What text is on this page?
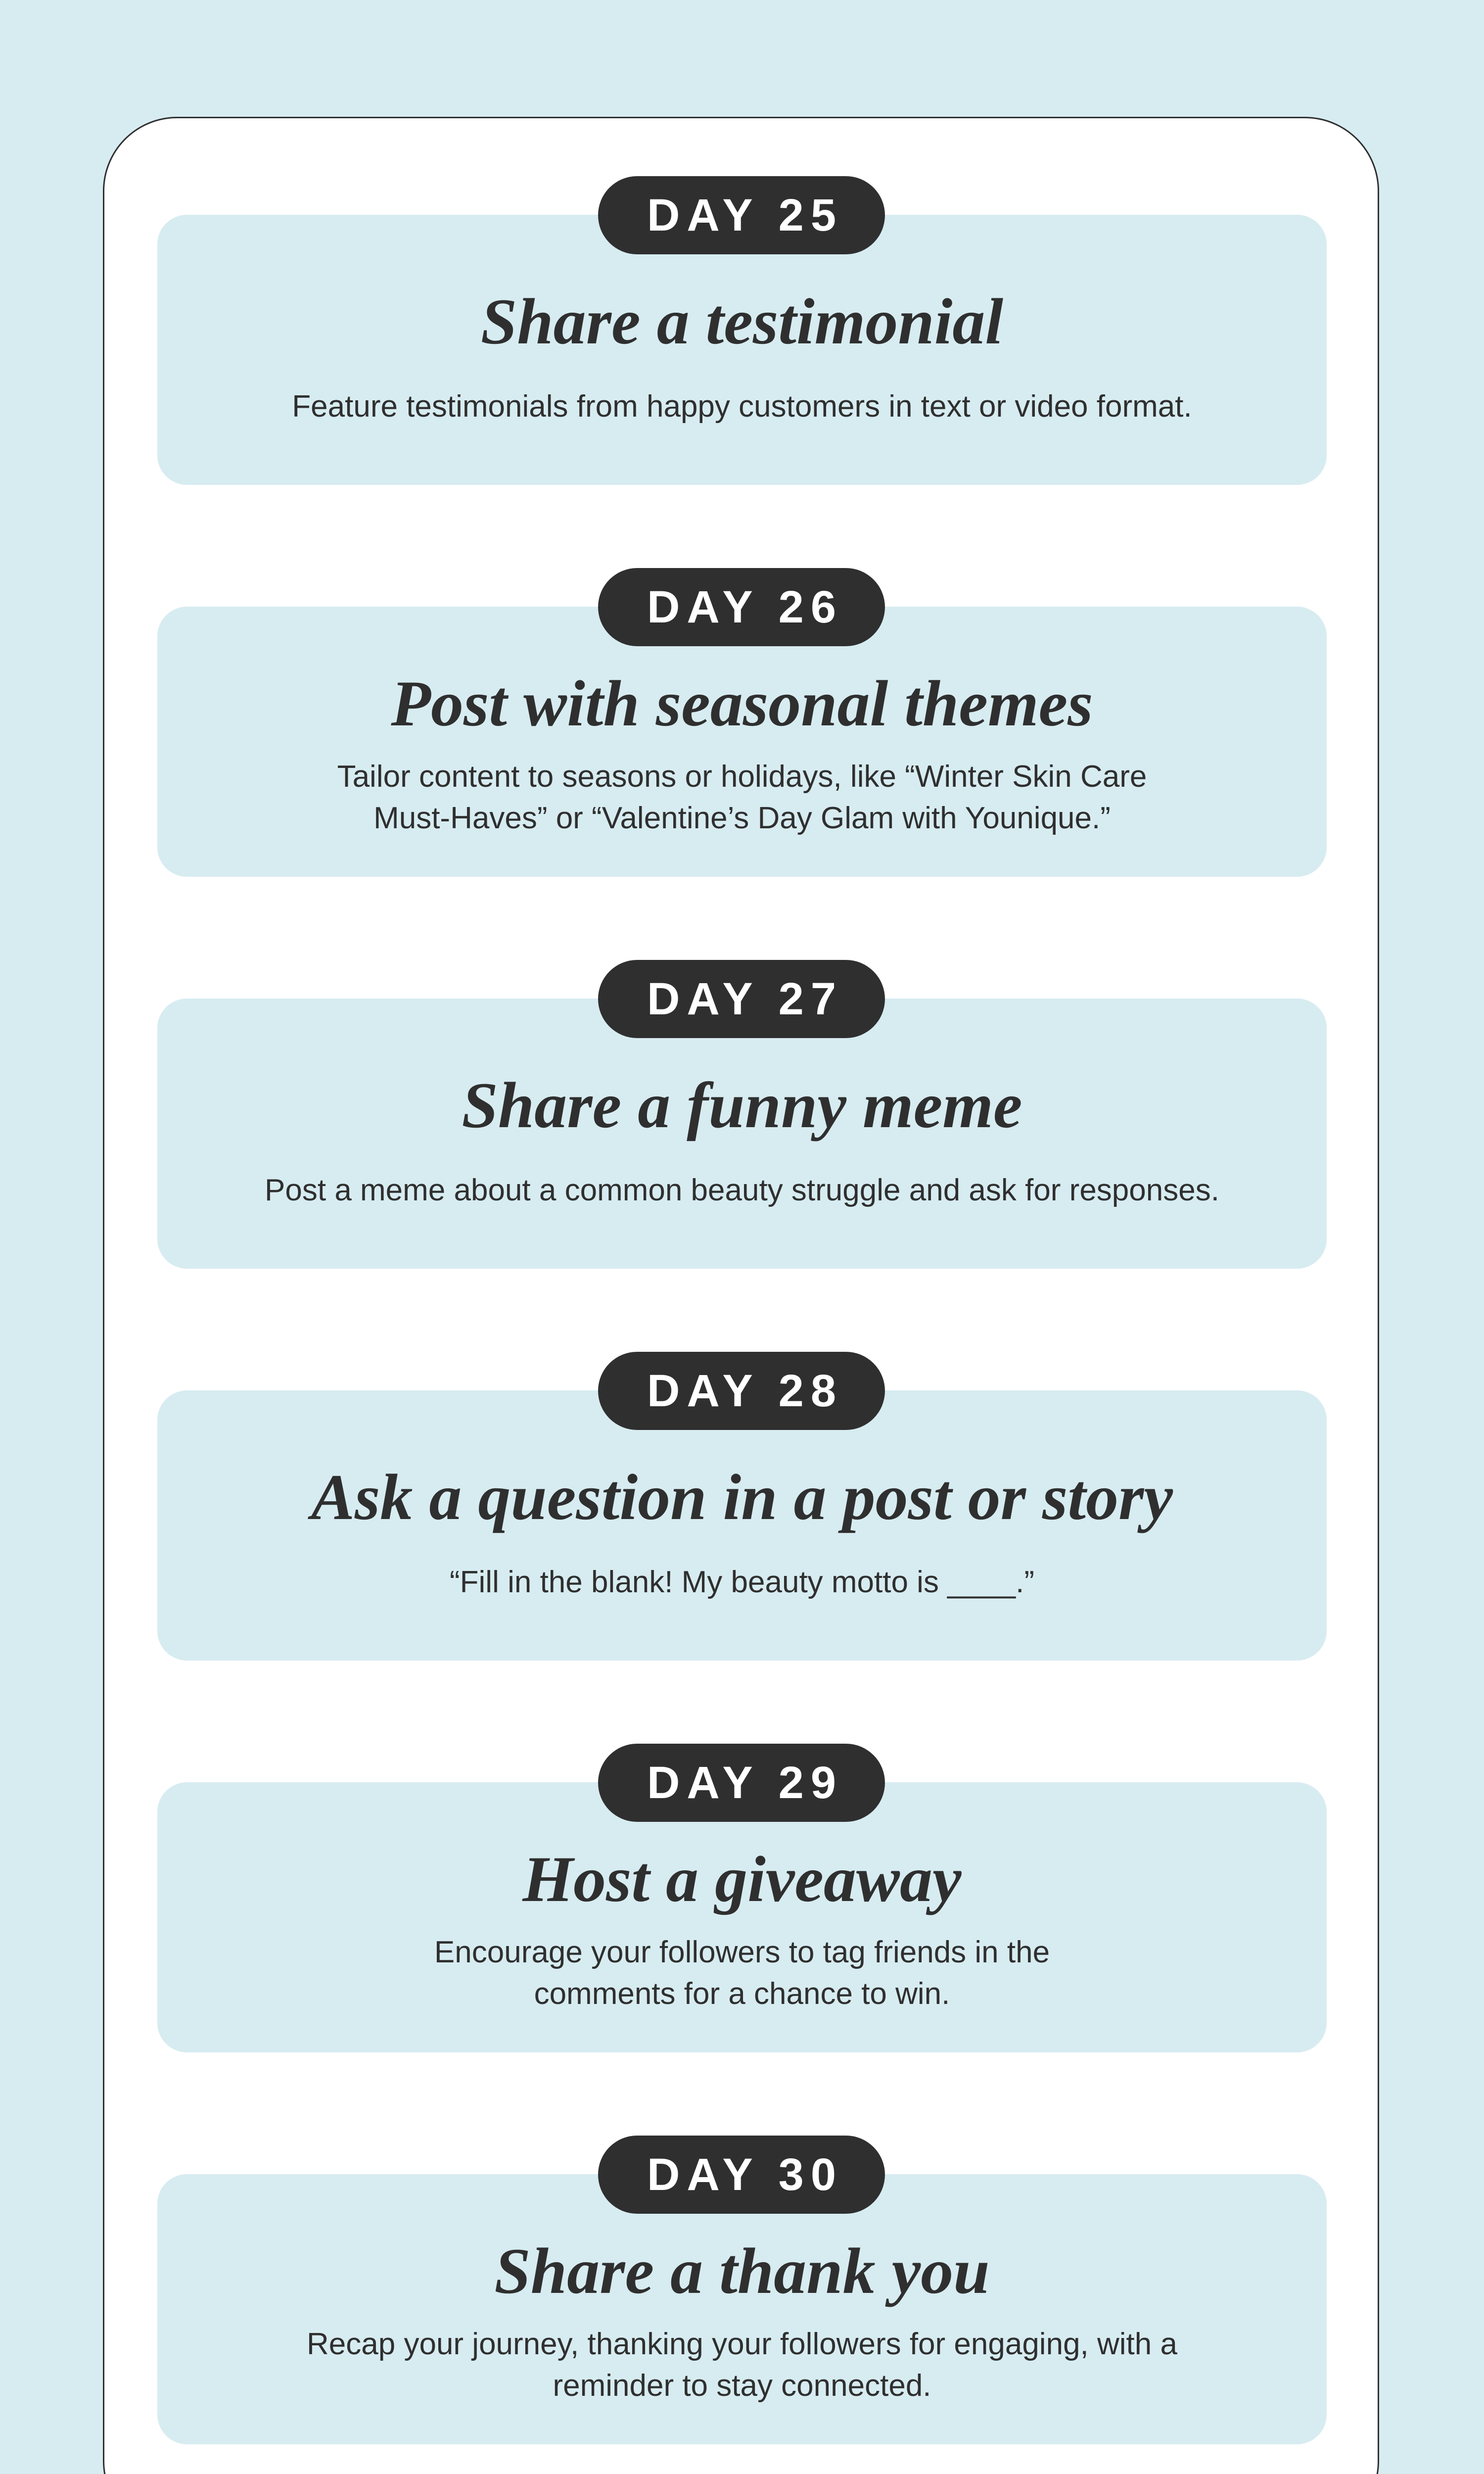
Share a testimonial

Feature testimonials from happy customers in text or video format.

DAY 25
Post with seasonal themes

Tailor content to seasons or holidays, like “Winter Skin Care Must-Haves” or “Valentine’s Day Glam with Younique.”

DAY 26
Share a funny meme

Post a meme about a common beauty struggle and ask for responses.

DAY 27
Ask a question in a post or story

“Fill in the blank! My beauty motto is ____.”

DAY 28
Host a giveaway

Encourage your followers to tag friends in the comments for a chance to win.

DAY 29
Share a thank you

Recap your journey, thanking your followers for engaging, with a reminder to stay connected.

DAY 30
